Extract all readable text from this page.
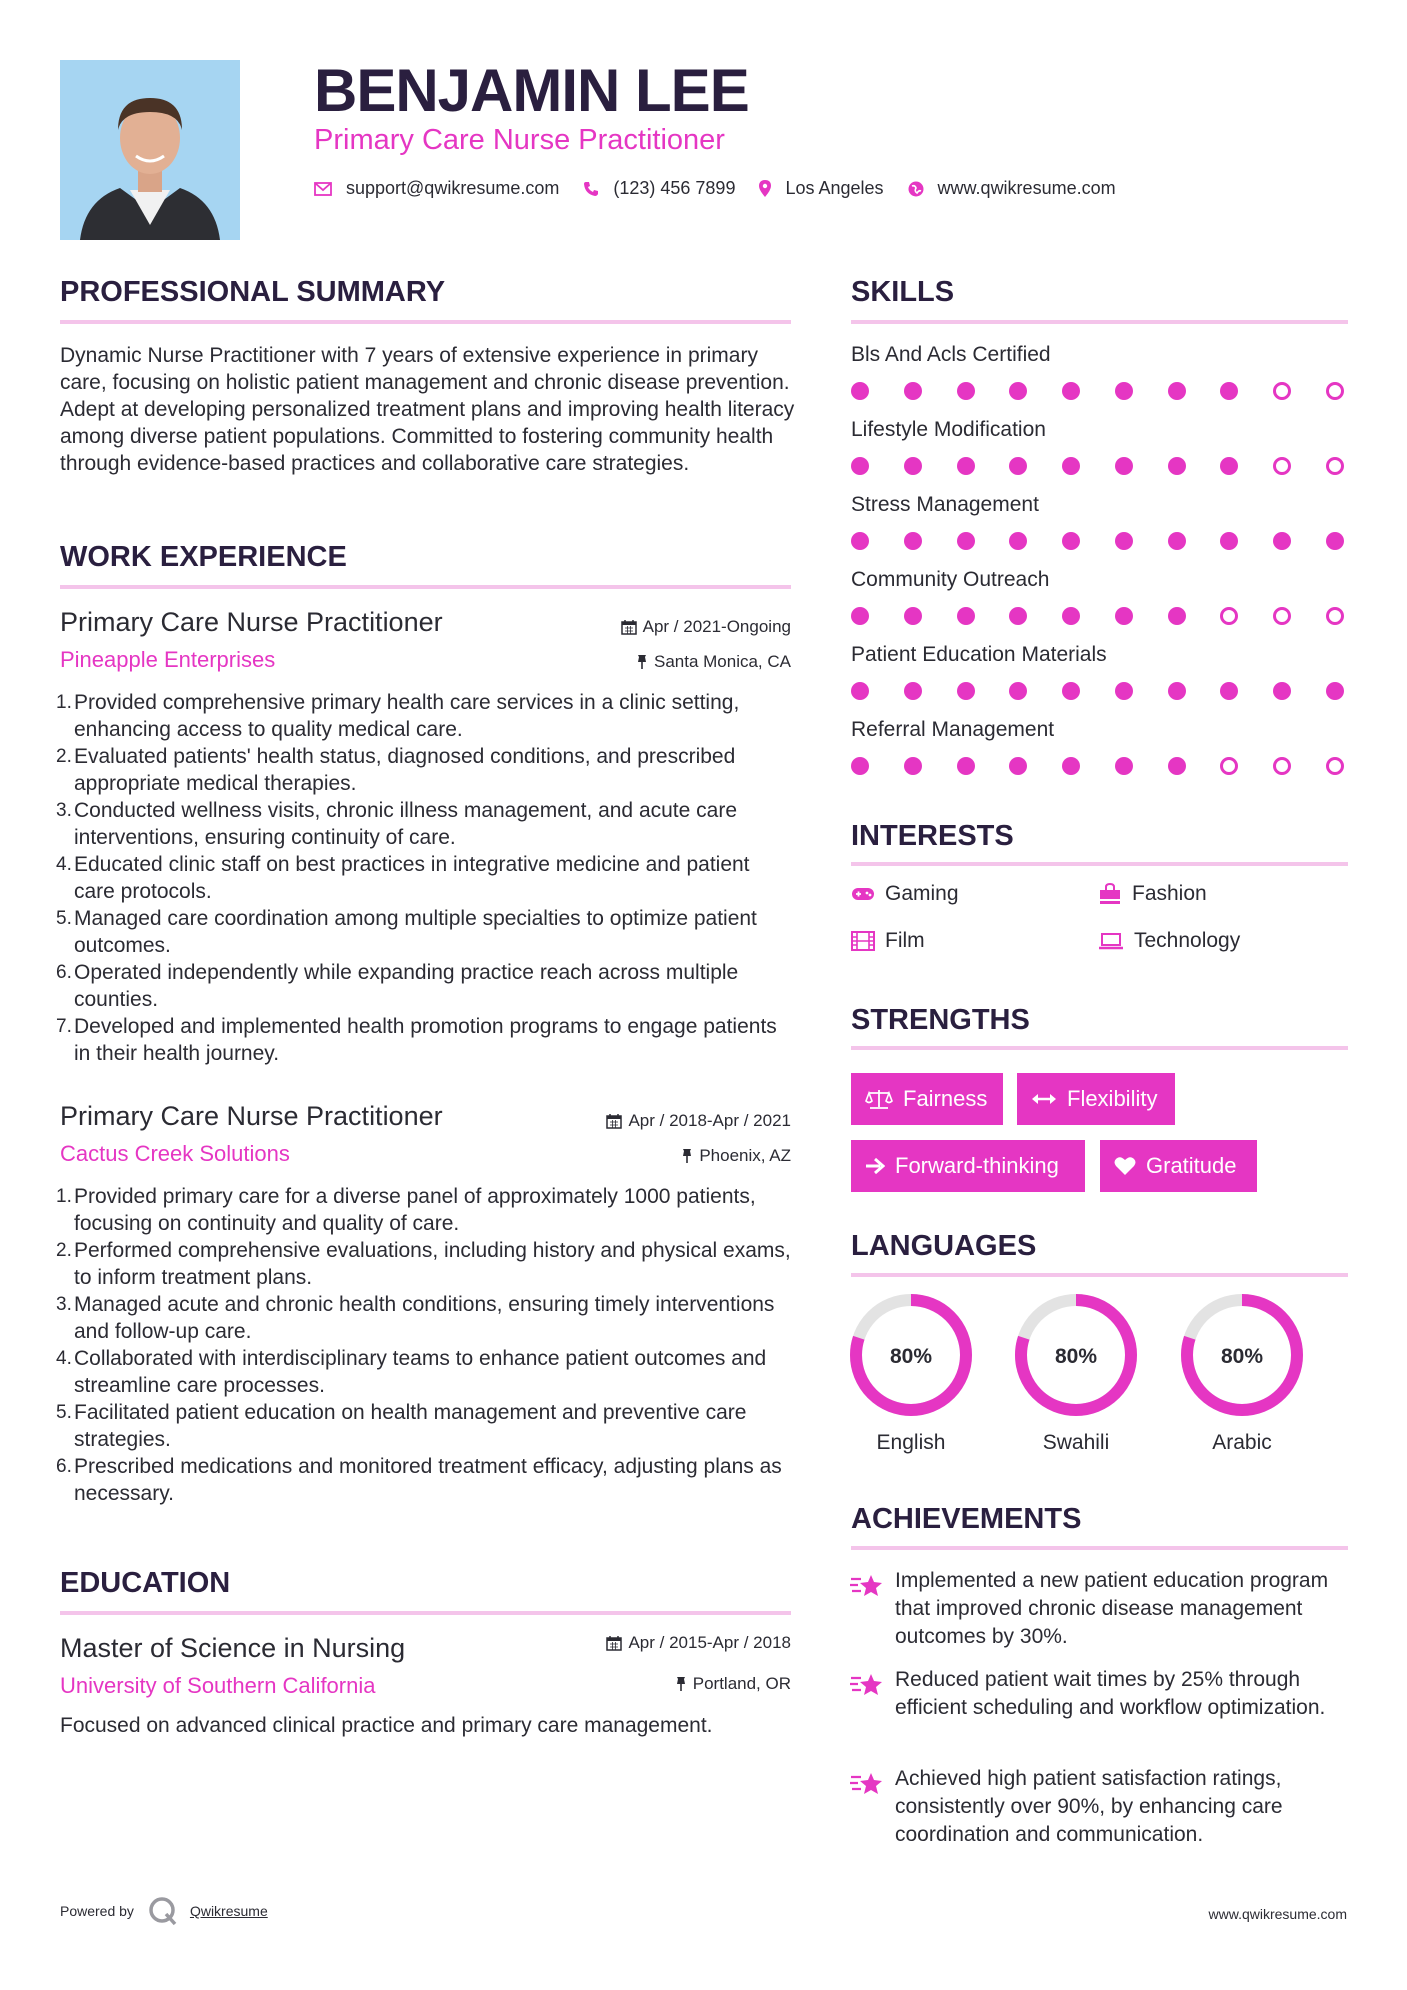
BENJAMIN LEE
Primary Care Nurse Practitioner
support@qwikresume.com	(123) 456 7899	Los Angeles	www.qwikresume.com
PROFESSIONAL SUMMARY
Dynamic Nurse Practitioner with 7 years of extensive experience in primary care, focusing on holistic patient management and chronic disease prevention. Adept at developing personalized treatment plans and improving health literacy among diverse patient populations. Committed to fostering community health through evidence-based practices and collaborative care strategies.
WORK EXPERIENCE
Primary Care Nurse Practitioner	Apr / 2021-Ongoing
Pineapple Enterprises	Santa Monica, CA
Provided comprehensive primary health care services in a clinic setting, enhancing access to quality medical care.
Evaluated patients' health status, diagnosed conditions, and prescribed appropriate medical therapies.
Conducted wellness visits, chronic illness management, and acute care interventions, ensuring continuity of care.
Educated clinic staff on best practices in integrative medicine and patient care protocols.
Managed care coordination among multiple specialties to optimize patient outcomes.
Operated independently while expanding practice reach across multiple counties.
Developed and implemented health promotion programs to engage patients in their health journey.
Primary Care Nurse Practitioner	Apr / 2018-Apr / 2021
Cactus Creek Solutions	Phoenix, AZ
Provided primary care for a diverse panel of approximately 1000 patients, focusing on continuity and quality of care.
Performed comprehensive evaluations, including history and physical exams, to inform treatment plans.
Managed acute and chronic health conditions, ensuring timely interventions and follow-up care.
Collaborated with interdisciplinary teams to enhance patient outcomes and streamline care processes.
Facilitated patient education on health management and preventive care strategies.
Prescribed medications and monitored treatment efficacy, adjusting plans as necessary.
EDUCATION
Master of Science in Nursing	Apr / 2015-Apr / 2018
University of Southern California	Portland, OR
Focused on advanced clinical practice and primary care management.
SKILLS
Bls And Acls Certified
Lifestyle Modification
Stress Management
Community Outreach
Patient Education Materials
Referral Management
INTERESTS
Gaming	Fashion
Film	Technology
STRENGTHS
Fairness	Flexibility
Forward-thinking	Gratitude
LANGUAGES
80%
English
80%
Swahili
80%
Arabic
ACHIEVEMENTS
Implemented a new patient education program that improved chronic disease management outcomes by 30%.
Reduced patient wait times by 25% through efficient scheduling and workflow optimization.
Achieved high patient satisfaction ratings, consistently over 90%, by enhancing care coordination and communication.
Powered by	Qwikresume	www.qwikresume.com
